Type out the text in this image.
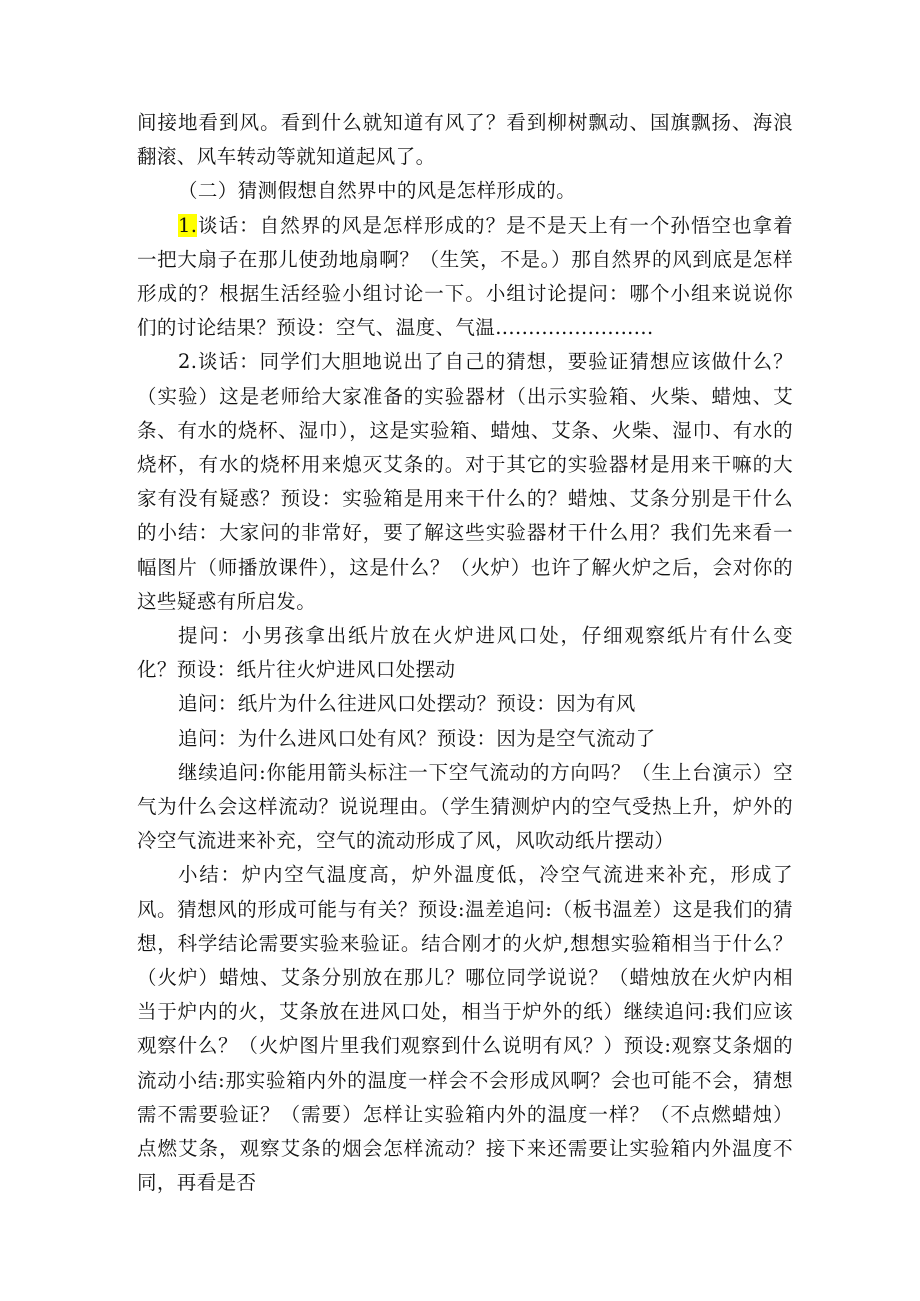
间接地看到风。看到什么就知道有风了？看到柳树飘动、国旗飘扬、海浪翻滚、风车转动等就知道起风了。

（二）猜测假想自然界中的风是怎样形成的。

1.谈话：自然界的风是怎样形成的？是不是天上有一个孙悟空也拿着一把大扇子在那儿使劲地扇啊？（生笑，不是。）那自然界的风到底是怎样形成的？根据生活经验小组讨论一下。小组讨论提问：哪个小组来说说你们的讨论结果？预设：空气、温度、气温........................

2.谈话：同学们大胆地说出了自己的猜想，要验证猜想应该做什么？（实验）这是老师给大家准备的实验器材（出示实验箱、火柴、蜡烛、艾条、有水的烧杯、湿巾），这是实验箱、蜡烛、艾条、火柴、湿巾、有水的烧杯，有水的烧杯用来熄灭艾条的。对于其它的实验器材是用来干嘛的大家有没有疑惑？预设：实验箱是用来干什么的？蜡烛、艾条分别是干什么的小结：大家问的非常好，要了解这些实验器材干什么用？我们先来看一幅图片（师播放课件），这是什么？（火炉）也许了解火炉之后，会对你的这些疑惑有所启发。

提问：小男孩拿出纸片放在火炉进风口处，仔细观察纸片有什么变化？预设：纸片往火炉进风口处摆动

追问：纸片为什么往进风口处摆动？预设：因为有风

追问：为什么进风口处有风？预设：因为是空气流动了

继续追问:你能用箭头标注一下空气流动的方向吗？（生上台演示）空气为什么会这样流动？说说理由。（学生猜测炉内的空气受热上升，炉外的冷空气流进来补充，空气的流动形成了风，风吹动纸片摆动）

小结：炉内空气温度高，炉外温度低，冷空气流进来补充，形成了风。猜想风的形成可能与有关？预设:温差追问:（板书温差）这是我们的猜想，科学结论需要实验来验证。结合刚才的火炉,想想实验箱相当于什么？（火炉）蜡烛、艾条分别放在那儿？哪位同学说说？（蜡烛放在火炉内相当于炉内的火，艾条放在进风口处，相当于炉外的纸）继续追问:我们应该观察什么？（火炉图片里我们观察到什么说明有风？）预设:观察艾条烟的流动小结:那实验箱内外的温度一样会不会形成风啊？会也可能不会，猜想需不需要验证？（需要）怎样让实验箱内外的温度一样？（不点燃蜡烛）点燃艾条，观察艾条的烟会怎样流动？接下来还需要让实验箱内外温度不同，再看是否
